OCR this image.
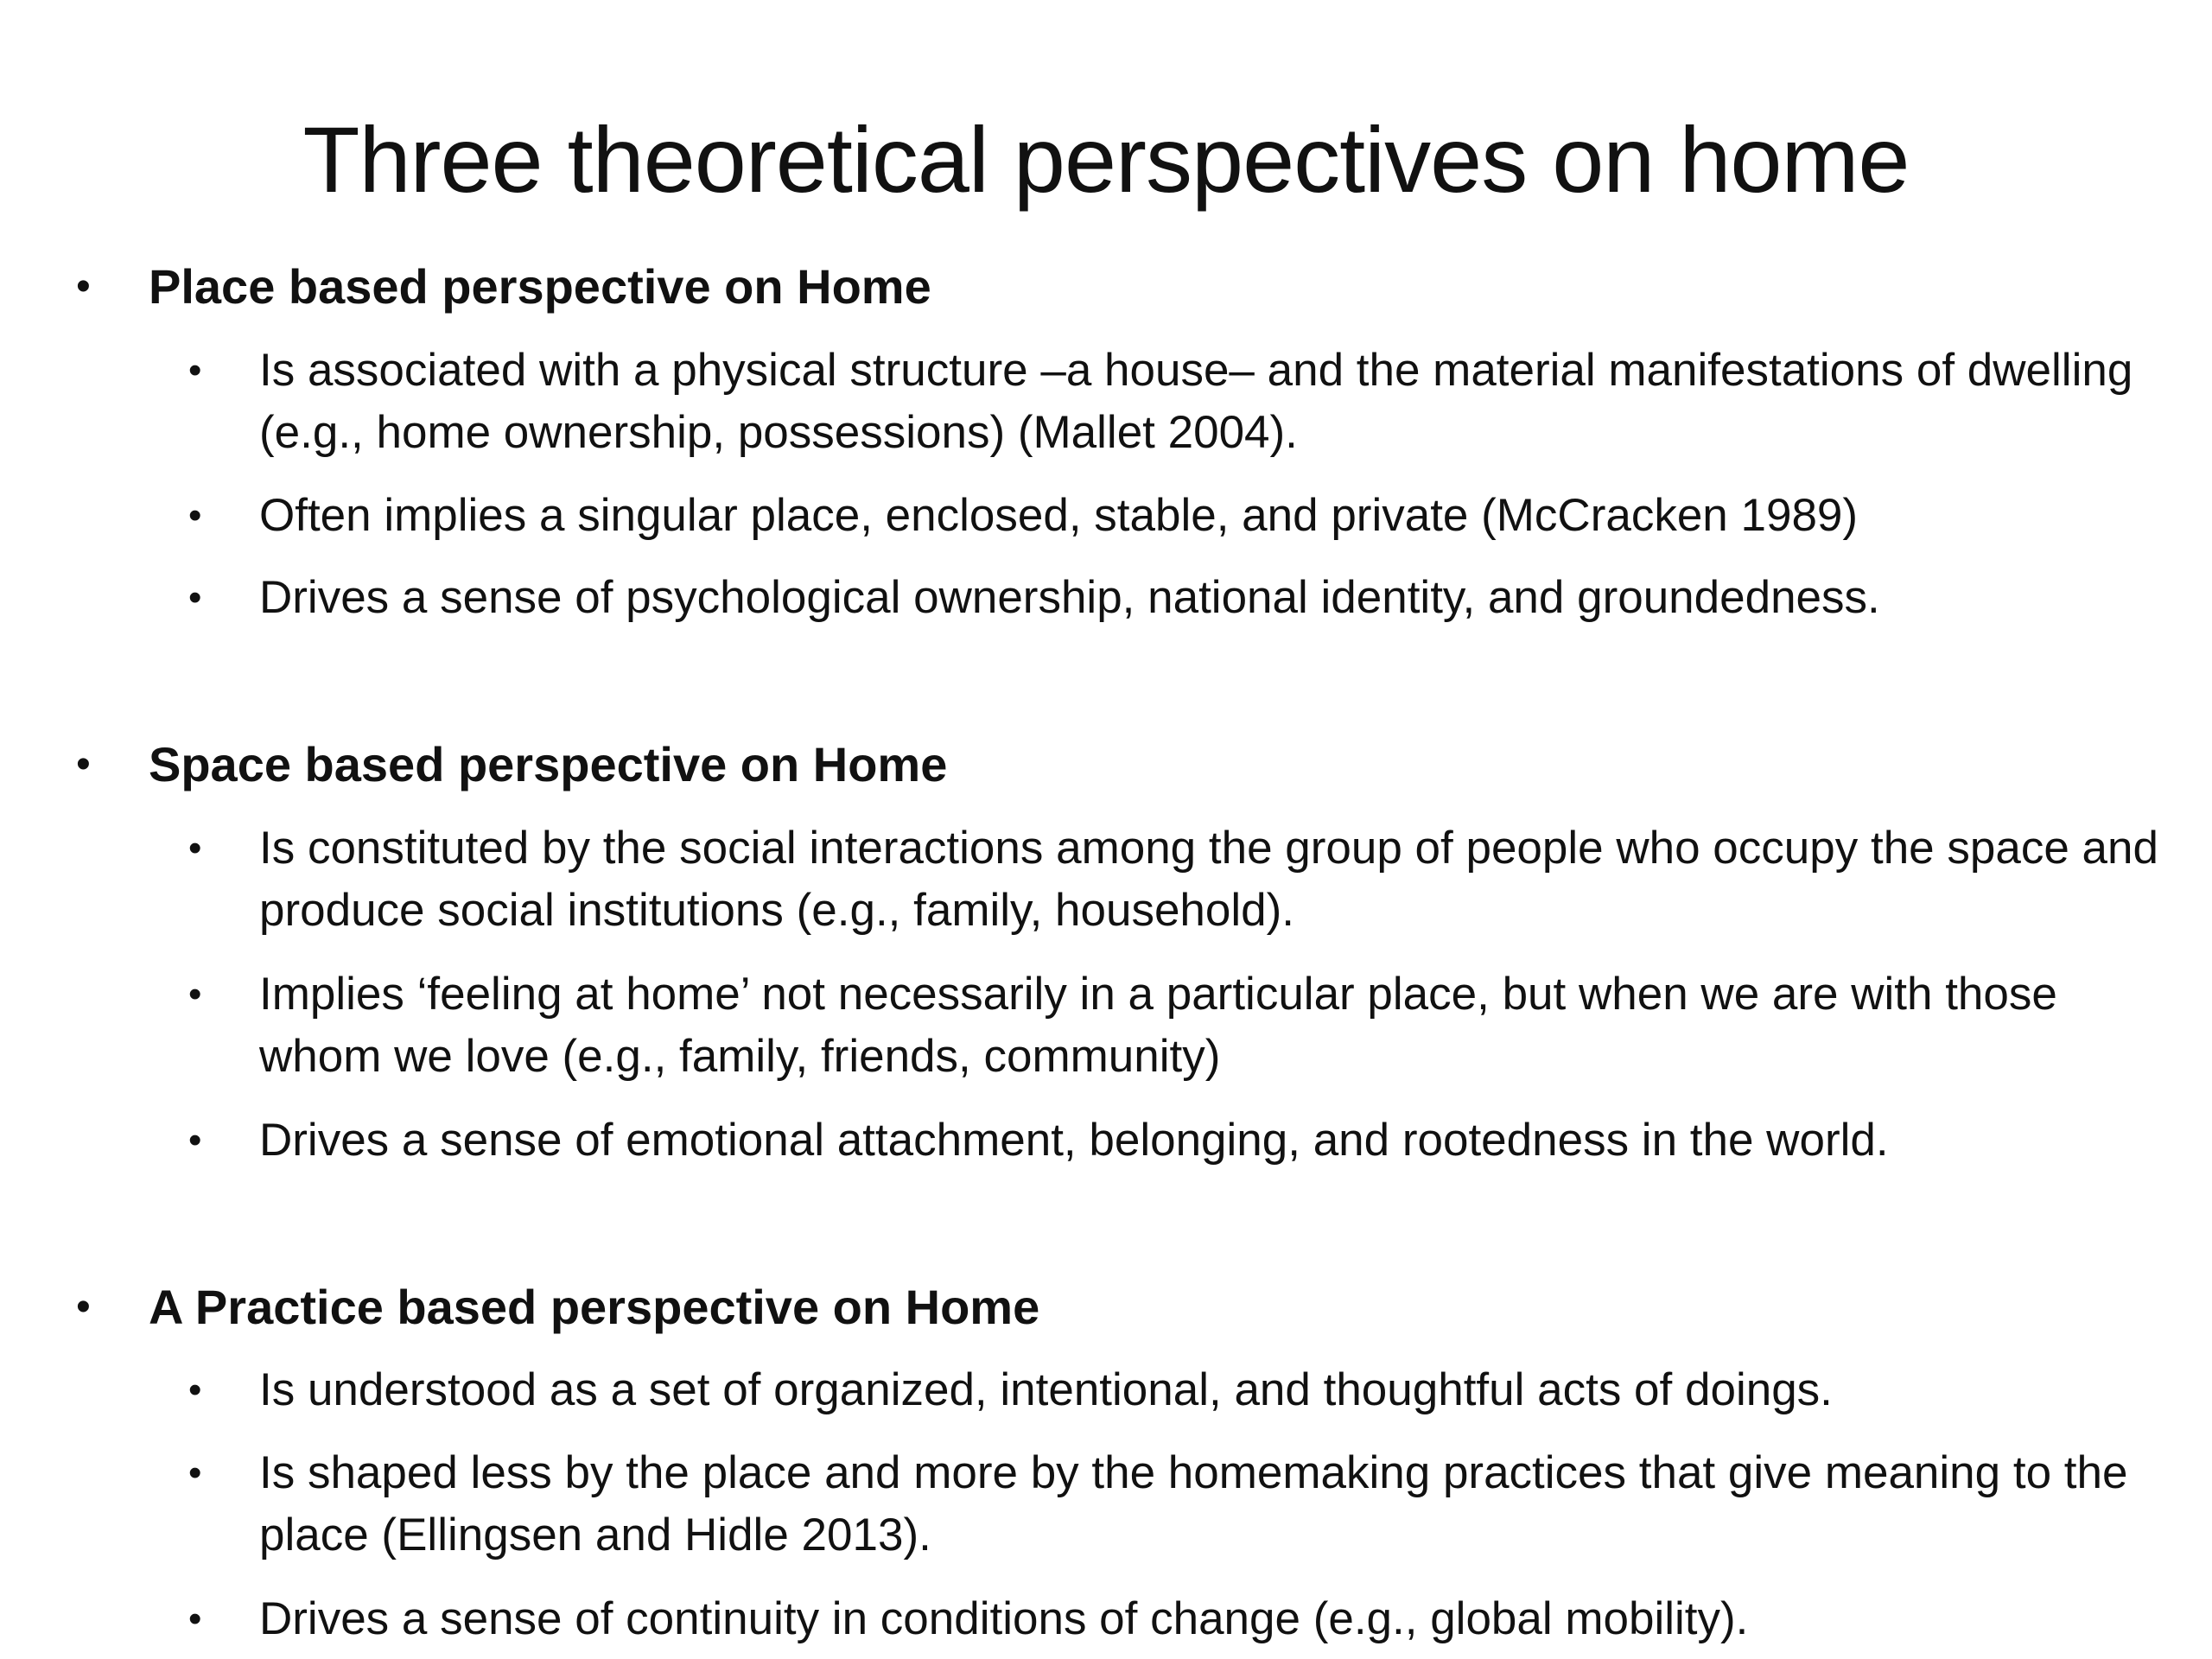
Three theoretical perspectives on home
• Place based perspective on Home
• Is associated with a physical structure –a house– and the material manifestations of dwelling (e.g., home ownership, possessions) (Mallet 2004).
• Often implies a singular place, enclosed, stable, and private (McCracken 1989)
• Drives a sense of psychological ownership, national identity, and groundedness.
• Space based perspective on Home
• Is constituted by the social interactions among the group of people who occupy the space and produce social institutions (e.g., family, household).
• Implies ‘feeling at home’ not necessarily in a particular place, but when we are with those whom we love (e.g., family, friends, community)
• Drives a sense of emotional attachment, belonging, and rootedness in the world.
• A Practice based perspective on Home
• Is understood as a set of organized, intentional, and thoughtful acts of doings.
• Is shaped less by the place and more by the homemaking practices that give meaning to the place (Ellingsen and Hidle 2013).
• Drives a sense of continuity in conditions of change (e.g., global mobility).
